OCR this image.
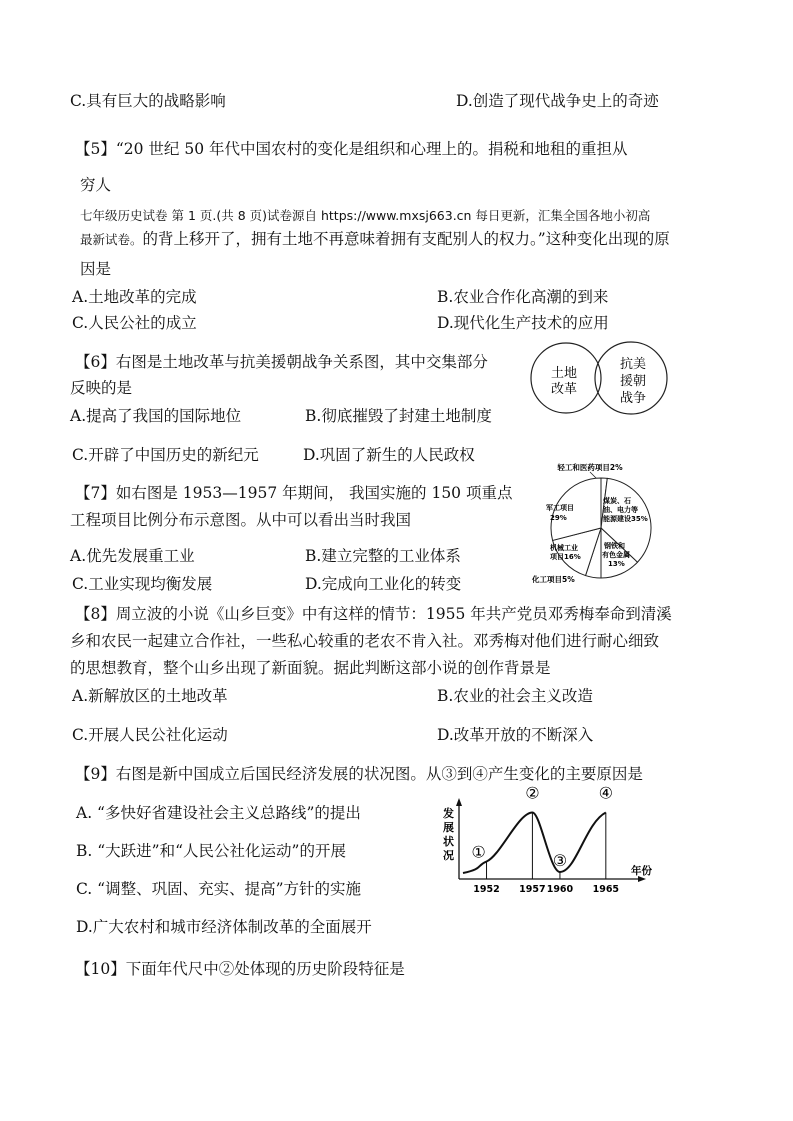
C.具有巨大的战略影响	D.创造了现代战争史上的奇迹
【5】“20 世纪 50 年代中国农村的变化是组织和心理上的。捐税和地租的重担从
穷人
七年级历史试卷 第 1 页.(共 8 页)试卷源自 https://www.mxsj663.cn 每日更新，汇集全国各地小初高
最新试卷。的背上移开了，拥有土地不再意味着拥有支配别人的权力。”这种变化出现的原
因是
A.土地改革的完成	B.农业合作化高潮的到来
C.人民公社的成立	D.现代化生产技术的应用
【6】右图是土地改革与抗美援朝战争关系图，其中交集部分
反映的是
A.提高了我国的国际地位	B.彻底摧毁了封建土地制度
C.开辟了中国历史的新纪元	D.巩固了新生的人民政权
土地
改革
抗美
援朝
战争
【7】如右图是 1953—1957 年期间， 我国实施的 150 项重点
工程项目比例分布示意图。从中可以看出当时我国
A.优先发展重工业	B.建立完整的工业体系
C.工业实现均衡发展	D.完成向工业化的转变
轻工和医药项目2%
煤炭、石
油、电力等
能源建设35%
军工项目
29%
机械工业
项目16%
钢铁和
有色金属
13%
化工项目5%
【8】周立波的小说《山乡巨变》中有这样的情节：1955 年共产党员邓秀梅奉命到清溪
乡和农民一起建立合作社，一些私心较重的老农不肯入社。邓秀梅对他们进行耐心细致
的思想教育，整个山乡出现了新面貌。据此判断这部小说的创作背景是
A.新解放区的土地改革	B.农业的社会主义改造
C.开展人民公社化运动	D.改革开放的不断深入
【9】右图是新中国成立后国民经济发展的状况图。从③到④产生变化的主要原因是
A. “多快好省建设社会主义总路线”的提出
B. “大跃进”和“人民公社化运动”的开展
C. “调整、巩固、充实、提高”方针的实施
D.广大农村和城市经济体制改革的全面展开
发
展
状
况
年份
1952
①
1957
②
1960
③
1965
④
【10】下面年代尺中②处体现的历史阶段特征是
